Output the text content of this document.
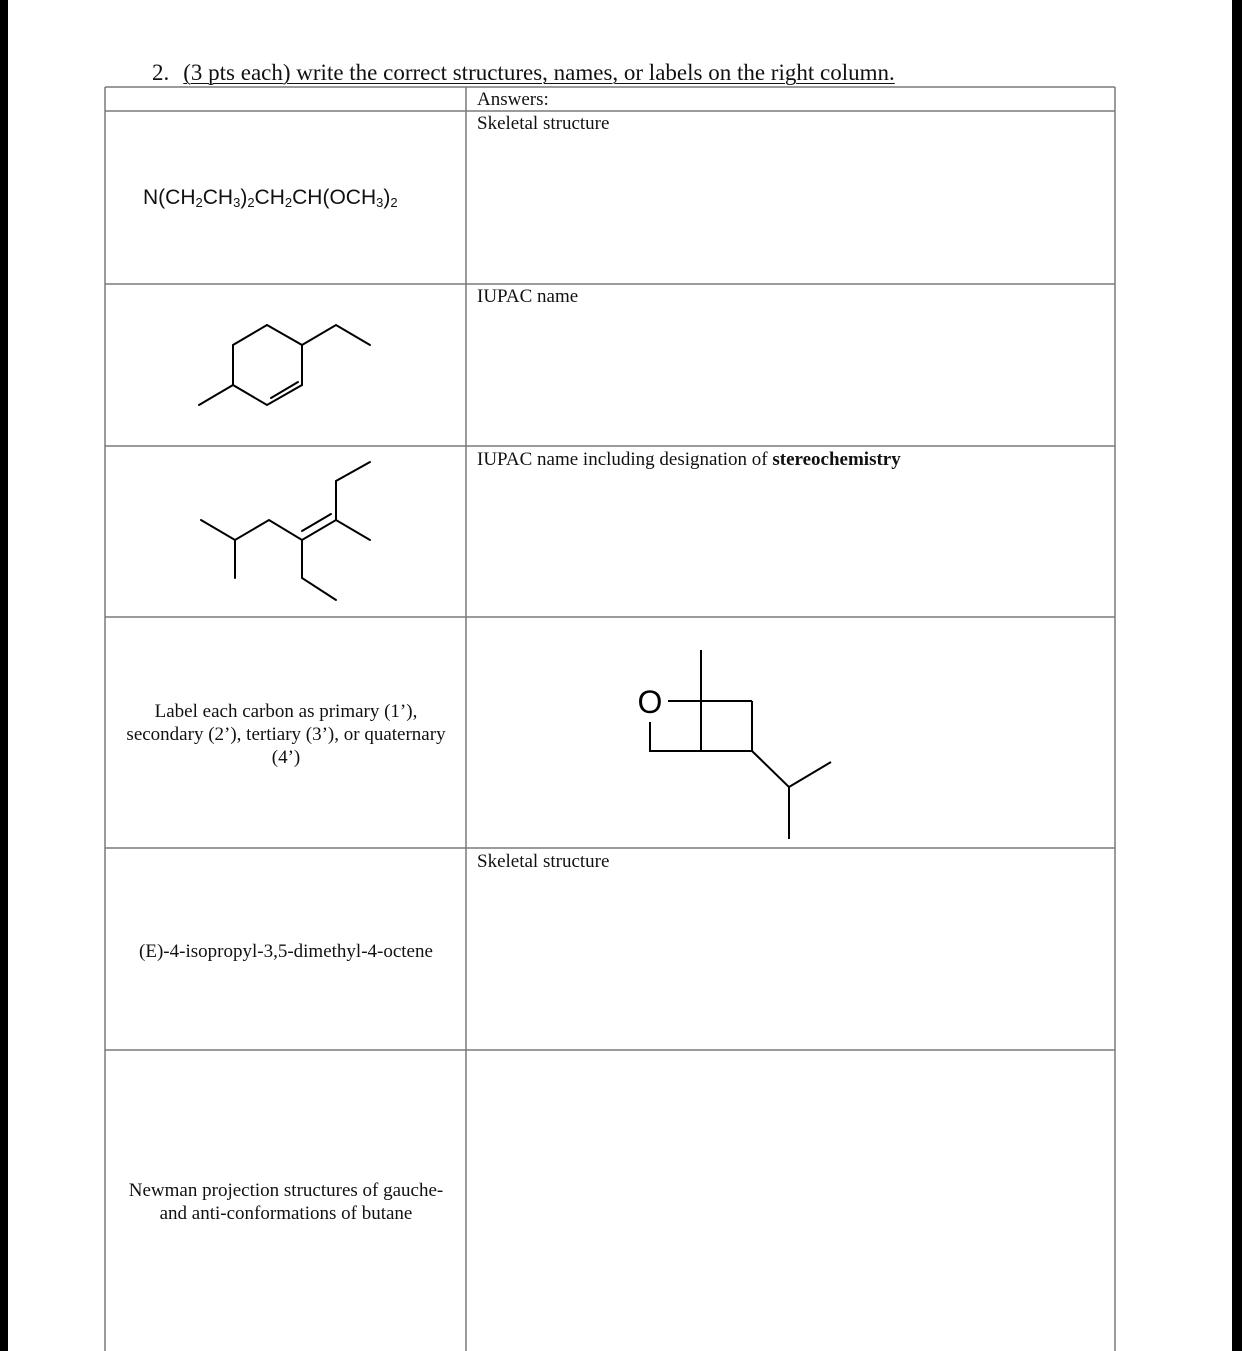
2. (3 pts each) write the correct structures, names, or labels on the right column.
Answers:
$N(CH_2CH_3)_2CH_2CH(OCH_3)_2$
Skeletal structure
IUPAC name
IUPAC name including designation of stereochemistry
Label each carbon as primary (1’),
secondary (2’), tertiary (3’), or quaternary
(4’)
O
(E)-4-isopropyl-3,5-dimethyl-4-octene
Skeletal structure
Newman projection structures of gauche-
and anti-conformations of butane
